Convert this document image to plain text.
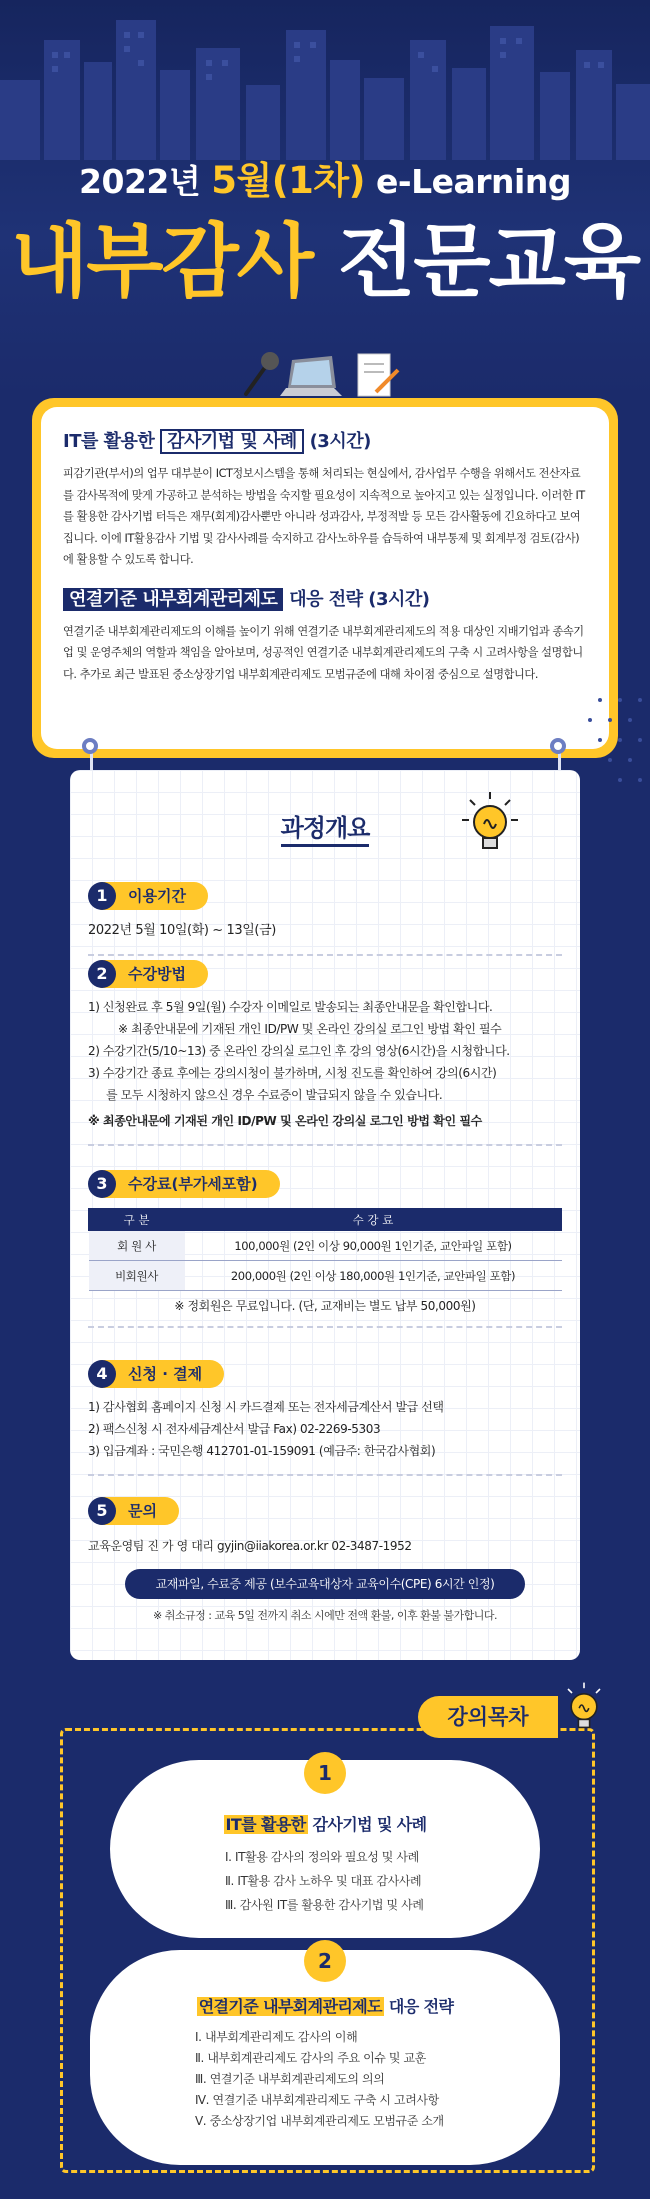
2022년 5월(1차) e-Learning
내부감사 전문교육
IT를 활용한 감사기법 및 사례 (3시간)
피감기관(부서)의 업무 대부분이 ICT정보시스템을 통해 처리되는 현실에서, 감사업무 수행을 위해서도 전산자료를 감사목적에 맞게 가공하고 분석하는 방법을 숙지할 필요성이 지속적으로 높아지고 있는 실정입니다. 이러한 IT를 활용한 감사기법 터득은 재무(회계)감사뿐만 아니라 성과감사, 부정적발 등 모든 감사활동에 긴요하다고 보여집니다. 이에 IT활용감사 기법 및 감사사례를 숙지하고 감사노하우를 습득하여 내부통제 및 회계부정 검토(감사)에 활용할 수 있도록 합니다.
연결기준 내부회계관리제도 대응 전략 (3시간)
연결기준 내부회계관리제도의 이해를 높이기 위해 연결기준 내부회계관리제도의 적용 대상인 지배기업과 종속기업 및 운영주체의 역할과 책임을 알아보며, 성공적인 연결기준 내부회계관리제도의 구축 시 고려사항을 설명합니다. 추가로 최근 발표된 중소상장기업 내부회계관리제도 모범규준에 대해 차이점 중심으로 설명합니다.
과정개요
이용기간
1
2022년 5월 10일(화) ~ 13일(금)
수강방법
2
1) 신청완료 후 5월 9일(월) 수강자 이메일로 발송되는 최종안내문을 확인합니다.
※ 최종안내문에 기재된 개인 ID/PW 및 온라인 강의실 로그인 방법 확인 필수
2) 수강기간(5/10~13) 중 온라인 강의실 로그인 후 강의 영상(6시간)을 시청합니다.
3) 수강기간 종료 후에는 강의시청이 불가하며, 시청 진도를 확인하여 강의(6시간)
를 모두 시청하지 않으신 경우 수료증이 발급되지 않을 수 있습니다.
※ 최종안내문에 기재된 개인 ID/PW 및 온라인 강의실 로그인 방법 확인 필수
수강료(부가세포함)
3
구 분	수 강 료
회 원 사	100,000원 (2인 이상 90,000원 1인기준, 교안파일 포함)
비회원사	200,000원 (2인 이상 180,000원 1인기준, 교안파일 포함)
※ 정회원은 무료입니다. (단, 교재비는 별도 납부 50,000원)
신청 · 결제
4
1) 감사협회 홈페이지 신청 시 카드결제 또는 전자세금계산서 발급 선택
2) 팩스신청 시 전자세금계산서 발급 Fax) 02-2269-5303
3) 입금계좌 : 국민은행 412701-01-159091 (예금주: 한국감사협회)
문의
5
교육운영팀 진 가 영 대리 gyjin@iiakorea.or.kr 02-3487-1952
교재파일, 수료증 제공 (보수교육대상자 교육이수(CPE) 6시간 인정)
※ 취소규정 : 교육 5일 전까지 취소 시에만 전액 환불, 이후 환불 불가합니다.
강의목차
1
IT를 활용한 감사기법 및 사례
Ⅰ. IT활용 감사의 정의와 필요성 및 사례
Ⅱ. IT활용 감사 노하우 및 대표 감사사례
Ⅲ. 감사원 IT를 활용한 감사기법 및 사례
2
연결기준 내부회계관리제도 대응 전략
Ⅰ. 내부회계관리제도 감사의 이해
Ⅱ. 내부회계관리제도 감사의 주요 이슈 및 교훈
Ⅲ. 연결기준 내부회계관리제도의 의의
Ⅳ. 연결기준 내부회계관리제도 구축 시 고려사항
Ⅴ. 중소상장기업 내부회계관리제도 모범규준 소개
